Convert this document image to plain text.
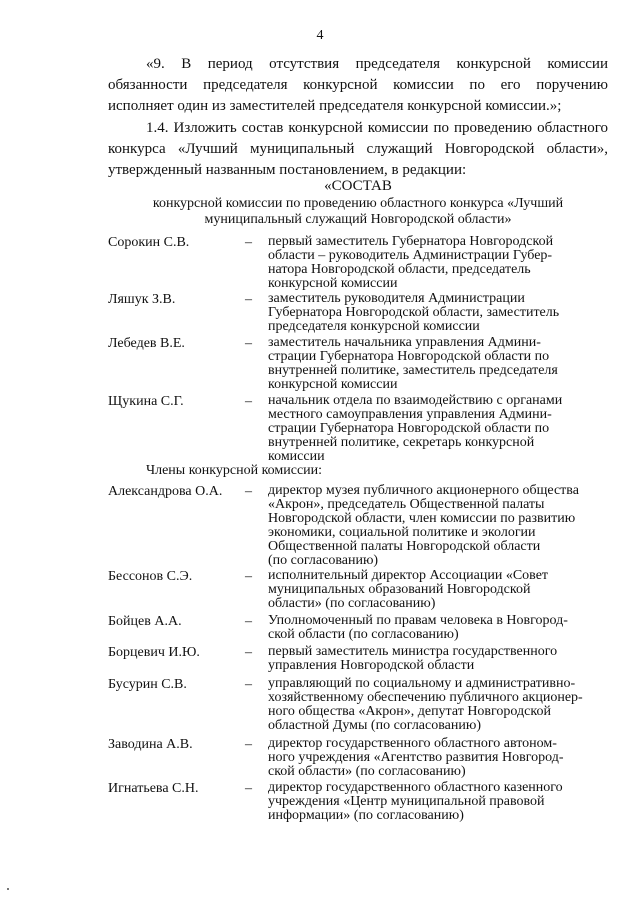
4
«9. В период отсутствия председателя конкурсной комиссии
обязанности председателя конкурсной комиссии по его поручению
исполняет один из заместителей председателя конкурсной комиссии.»;
1.4. Изложить состав конкурсной комиссии по проведению областного
конкурса «Лучший муниципальный служащий Новгородской области»,
утвержденный названным постановлением, в редакции:
«СОСТАВ
конкурсной комиссии по проведению областного конкурса «Лучший
муниципальный служащий Новгородской области»
Сорокин С.В.	– первый заместитель Губернатора Новгородской
области – руководитель Администрации Губер-
натора Новгородской области, председатель
конкурсной комиссии
Ляшук З.В.	– заместитель руководителя Администрации
Губернатора Новгородской области, заместитель
председателя конкурсной комиссии
Лебедев В.Е.	– заместитель начальника управления Админи-
страции Губернатора Новгородской области по
внутренней политике, заместитель председателя
конкурсной комиссии
Щукина С.Г.	– начальник отдела по взаимодействию с органами
местного самоуправления управления Админи-
страции Губернатора Новгородской области по
внутренней политике, секретарь конкурсной
комиссии
Члены конкурсной комиссии:
Александрова О.А. – директор музея публичного акционерного общества
«Акрон», председатель Общественной палаты
Новгородской области, член комиссии по развитию
экономики, социальной политике и экологии
Общественной палаты Новгородской области
(по согласованию)
Бессонов С.Э.	– исполнительный директор Ассоциации «Совет
муниципальных образований Новгородской
области» (по согласованию)
Бойцев А.А.	– Уполномоченный по правам человека в Новгород-
ской области (по согласованию)
Борцевич И.Ю.	– первый заместитель министра государственного
управления Новгородской области
Бусурин С.В.	– управляющий по социальному и административно-
хозяйственному обеспечению публичного акционер-
ного общества «Акрон», депутат Новгородской
областной Думы (по согласованию)
Заводина А.В.	– директор государственного областного автоном-
ного учреждения «Агентство развития Новгород-
ской области» (по согласованию)
Игнатьева С.Н.	– директор государственного областного казенного
учреждения «Центр муниципальной правовой
информации» (по согласованию)
